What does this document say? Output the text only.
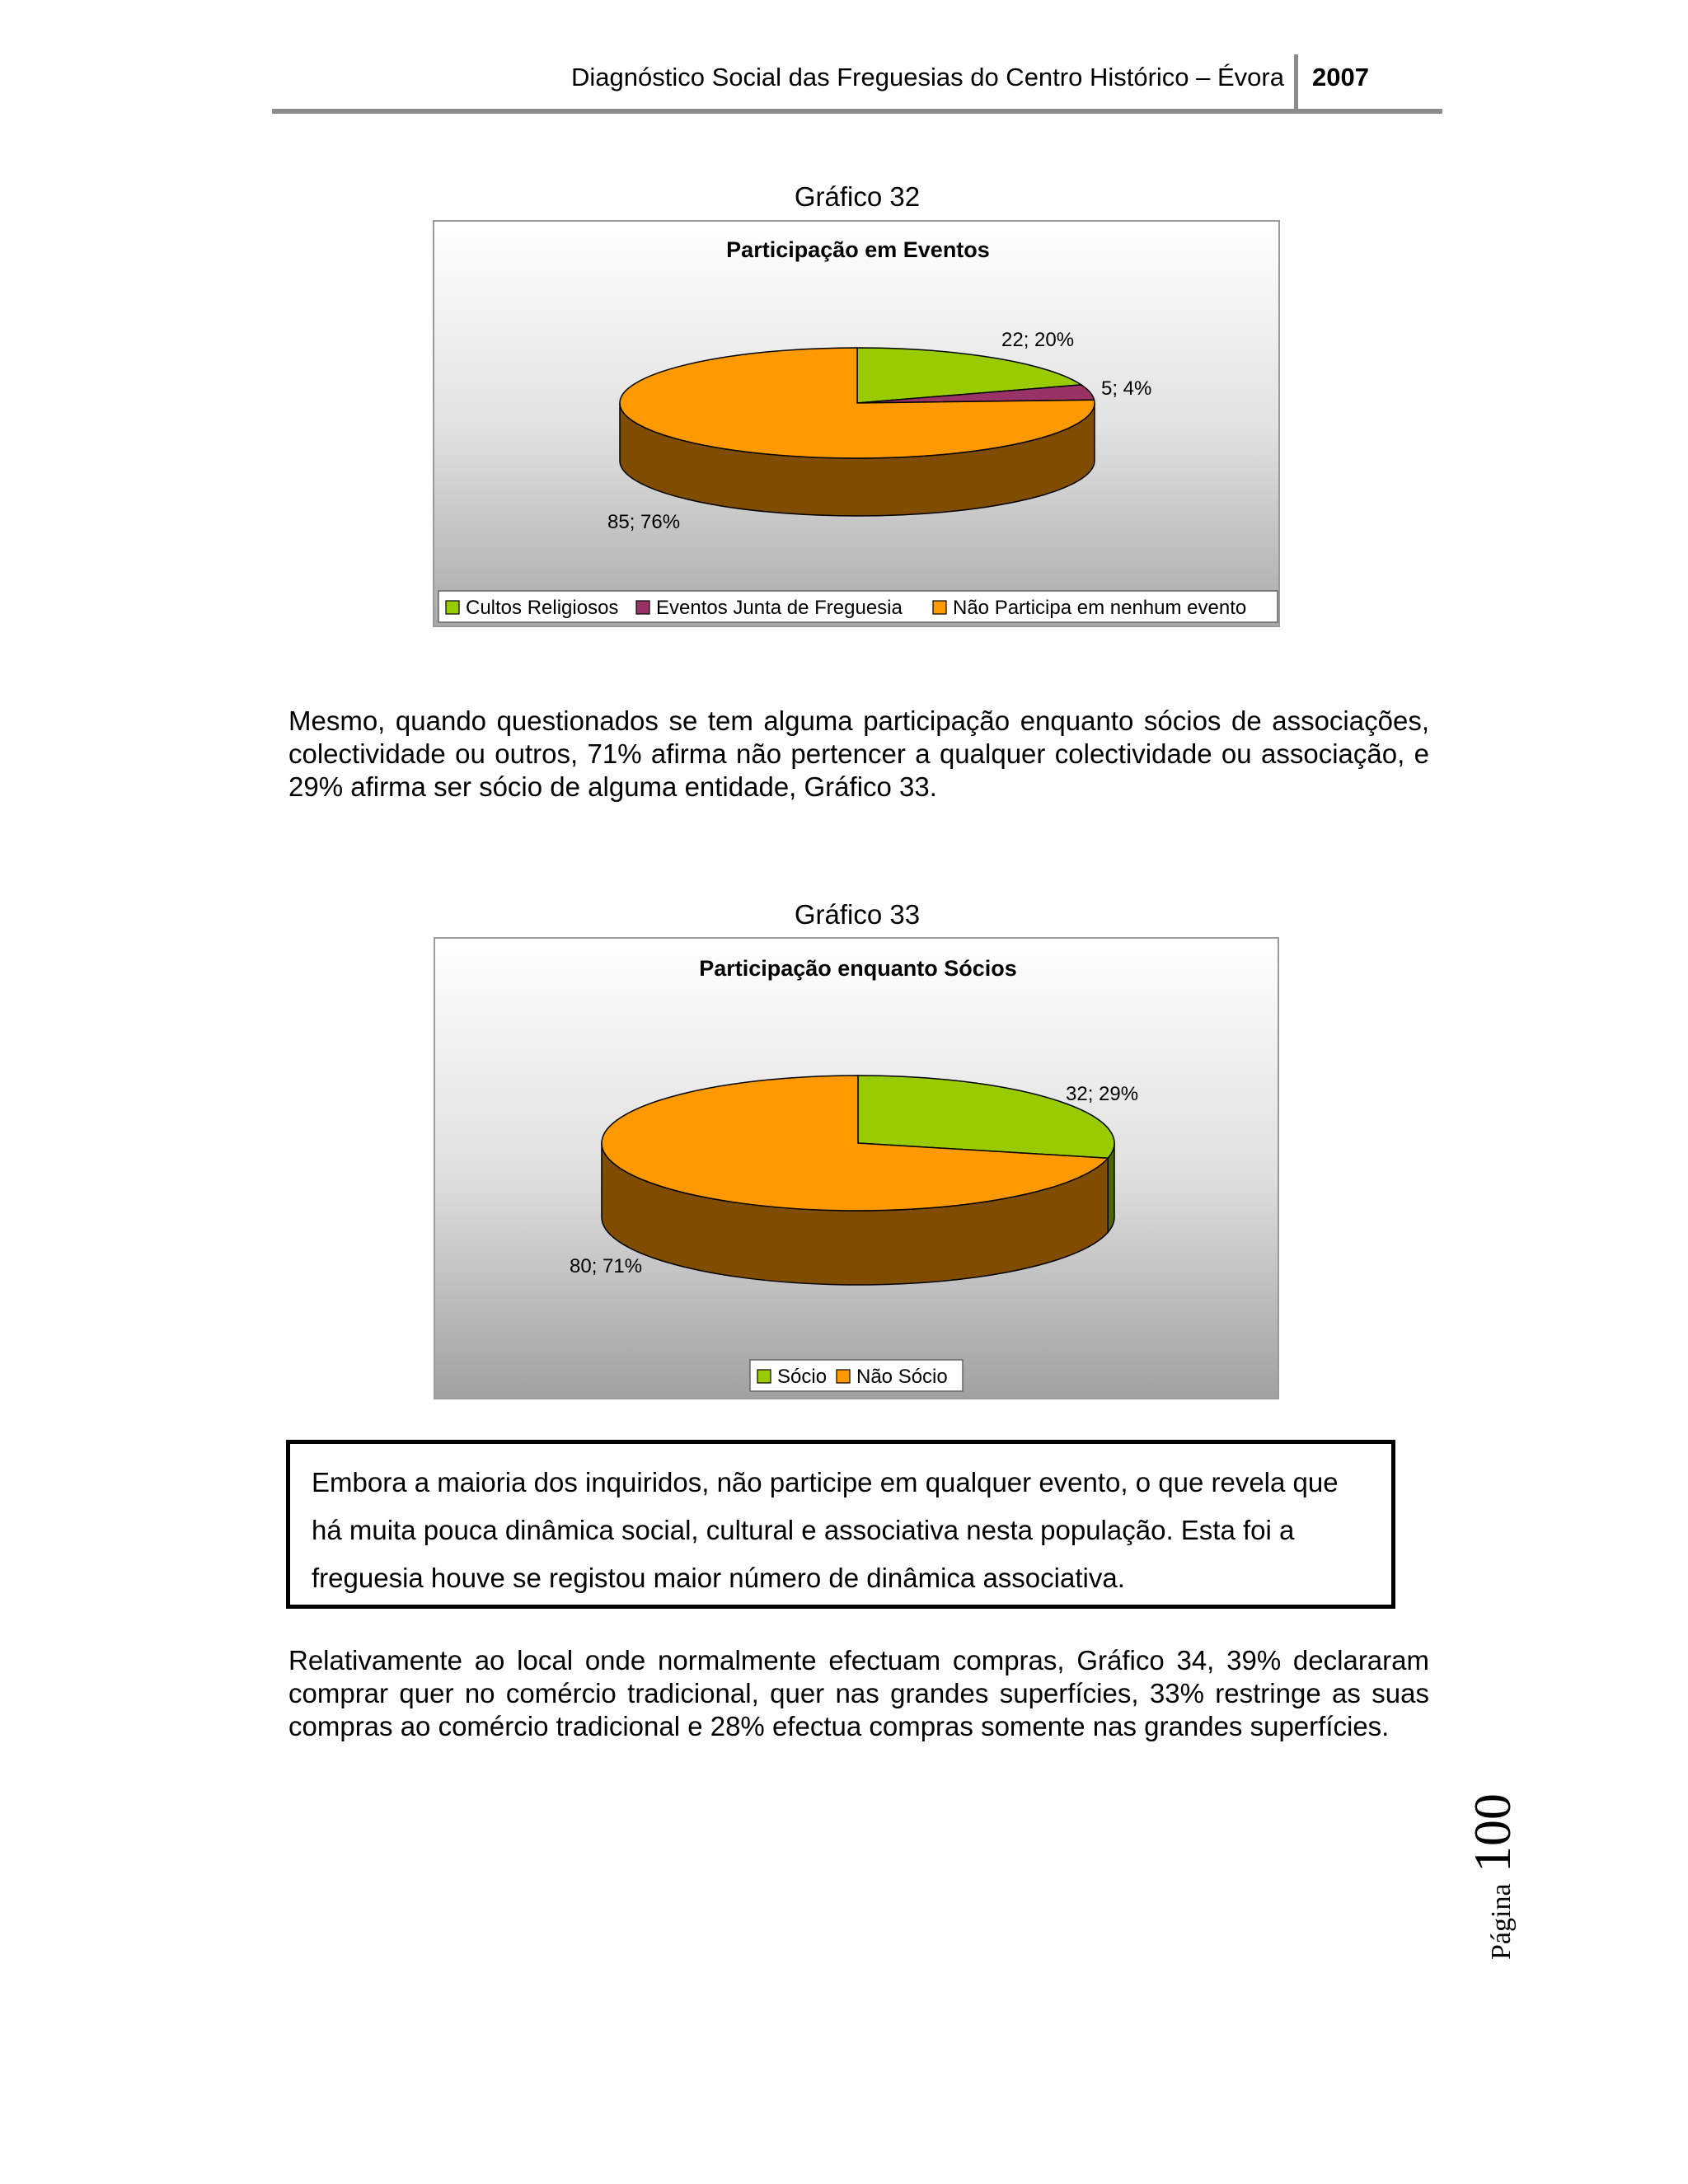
Diagnóstico Social das Freguesias do Centro Histórico – Évora 2007
Gráfico 32
Participação em Eventos
22; 20%
5; 4%
85; 76%
Cultos Religiosos Eventos Junta de Freguesia	Não Participa em nenhum evento
Mesmo, quando questionados se tem alguma participação enquanto sócios de associações, colectividade ou outros, 71% afirma não pertencer a qualquer colectividade ou associação, e 29% afirma ser sócio de alguma entidade, Gráfico 33.
Gráfico 33
Participação enquanto Sócios
32; 29%
80; 71%
Sócio Não Sócio
Embora a maioria dos inquiridos, não participe em qualquer evento, o que revela que há muita pouca dinâmica social, cultural e associativa nesta população. Esta foi a freguesia houve se registou maior número de dinâmica associativa.
Relativamente ao local onde normalmente efectuam compras, Gráfico 34, 39% declararam comprar quer no comércio tradicional, quer nas grandes superfícies, 33% restringe as suas compras ao comércio tradicional e 28% efectua compras somente nas grandes superfícies.
Página
100
